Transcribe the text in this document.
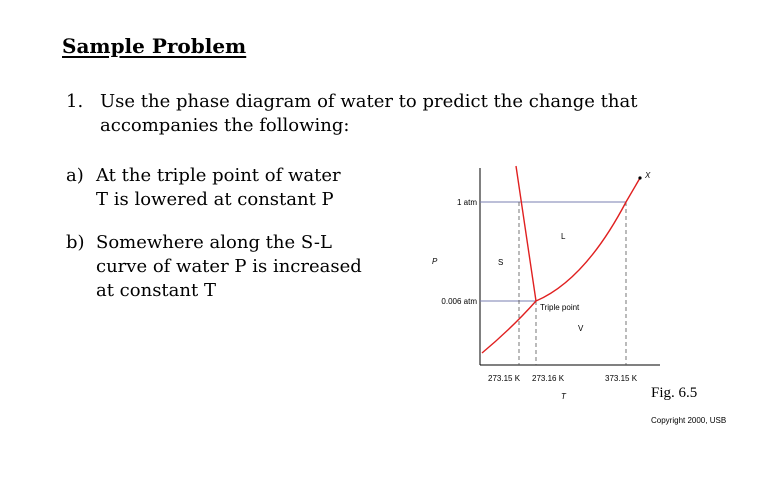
Sample Problem
1. Use the phase diagram of water to predict the change that
accompanies the following:
a) At the triple point of water
T is lowered at constant P
b) Somewhere along the S-L
curve of water P is increased
at constant T
X
1 atm
0.006 atm
P	S
L
Triple point
V
273.15 K 273.16 K	373.15 K
T	Fig. 6.5
Copyright 2000, USB
